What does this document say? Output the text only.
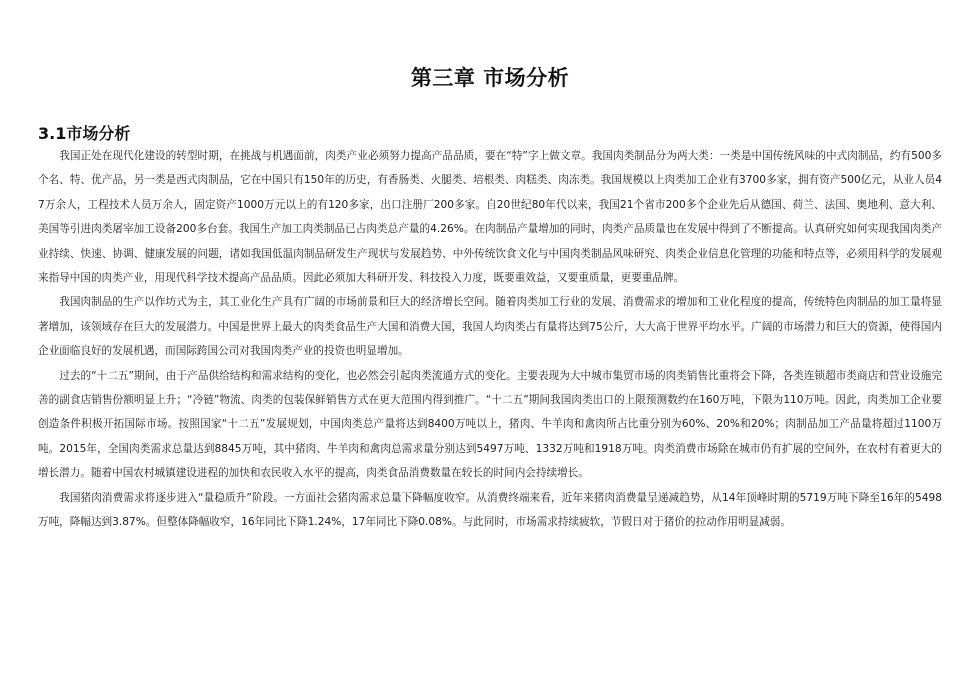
第三章 市场分析
3.1市场分析

我国正处在现代化建设的转型时期，在挑战与机遇面前，肉类产业必须努力提高产品品质，要在“特”字上做文章。我国肉类制品分为两大类：一类是中国传统风味的中式肉制品，约有500多个名、特、优产品，另一类是西式肉制品，它在中国只有150年的历史，有香肠类、火腿类、培根类、肉糕类、肉冻类。我国规模以上肉类加工企业有3700多家，拥有资产500亿元，从业人员47万余人，工程技术人员万余人，固定资产1000万元以上的有120多家，出口注册厂200多家。自20世纪80年代以来，我国21个省市200多个企业先后从德国、荷兰、法国、奥地利、意大利、美国等引进肉类屠宰加工设备200多台套。我国生产加工肉类制品已占肉类总产量的4.26%。在肉制品产量增加的同时，肉类产品质量也在发展中得到了不断提高。认真研究如何实现我国肉类产业持续、快速、协调、健康发展的问题，诸如我国低温肉制品研发生产现状与发展趋势、中外传统饮食文化与中国肉类制品风味研究、肉类企业信息化管理的功能和特点等，必须用科学的发展观来指导中国的肉类产业，用现代科学技术提高产品品质。因此必须加大科研开发、科技投入力度，既要重效益，又要重质量，更要重品牌。

我国肉制品的生产以作坊式为主，其工业化生产具有广阔的市场前景和巨大的经济增长空间。随着肉类加工行业的发展、消费需求的增加和工业化程度的提高，传统特色肉制品的加工量将显著增加，该领域存在巨大的发展潜力。中国是世界上最大的肉类食品生产大国和消费大国，我国人均肉类占有量将达到75公斤，大大高于世界平均水平。广阔的市场潜力和巨大的资源，使得国内企业面临良好的发展机遇，而国际跨国公司对我国肉类产业的投资也明显增加。

过去的“十二五”期间，由于产品供给结构和需求结构的变化，也必然会引起肉类流通方式的变化。主要表现为大中城市集贸市场的肉类销售比重将会下降，各类连锁超市类商店和营业设施完善的副食店销售份额明显上升；“冷链”物流、肉类的包装保鲜销售方式在更大范围内得到推广。“十二五”期间我国肉类出口的上限预测数约在160万吨，下限为110万吨。因此，肉类加工企业要创造条件积极开拓国际市场。按照国家“十二五”发展规划，中国肉类总产量将达到8400万吨以上，猪肉、牛羊肉和禽肉所占比重分别为60%、20%和20%；肉制品加工产品量将超过1100万吨。2015年，全国肉类需求总量达到8845万吨，其中猪肉、牛羊肉和禽肉总需求量分别达到5497万吨、1332万吨和1918万吨。肉类消费市场除在城市仍有扩展的空间外，在农村有着更大的增长潜力。随着中国农村城镇建设进程的加快和农民收入水平的提高，肉类食品消费数量在较长的时间内会持续增长。

我国猪肉消费需求将逐步进入“量稳质升”阶段。一方面社会猪肉需求总量下降幅度收窄。从消费终端来看，近年来猪肉消费量呈递减趋势，从14年顶峰时期的5719万吨下降至16年的5498万吨，降幅达到3.87%。但整体降幅收窄，16年同比下降1.24%，17年同比下降0.08%。与此同时，市场需求持续疲软，节假日对于猪价的拉动作用明显减弱。
